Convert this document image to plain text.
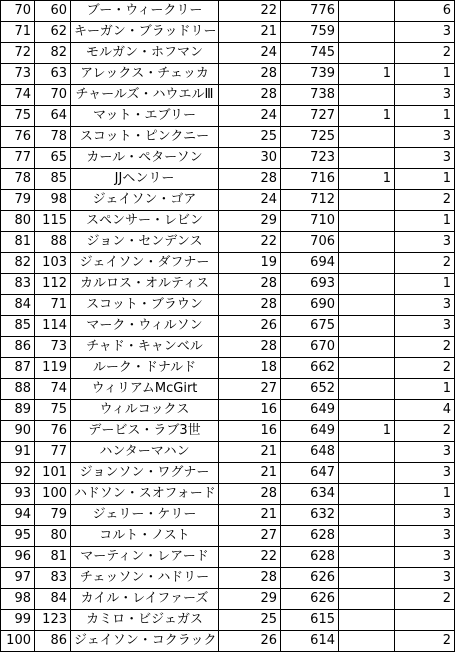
70	60	ブー・ウィークリー	22	776		6
71	62	キーガン・ブラッドリー	21	759		3
72	82	モルガン・ホフマン	24	745		2
73	63	アレックス・チェッカ	28	739	1	1
74	70	チャールズ・ハウエルⅢ	28	738		3
75	64	マット・エブリー	24	727	1	1
76	78	スコット・ピンクニー	25	725		3
77	65	カール・ペターソン	30	723		3
78	85	JJヘンリー	28	716	1	1
79	98	ジェイソン・ゴア	24	712		2
80	115	スペンサー・レビン	29	710		1
81	88	ジョン・センデンス	22	706		3
82	103	ジェイソン・ダフナー	19	694		2
83	112	カルロス・オルティス	28	693		1
84	71	スコット・ブラウン	28	690		3
85	114	マーク・ウィルソン	26	675		3
86	73	チャド・キャンベル	28	670		2
87	119	ルーク・ドナルド	18	662		2
88	74	ウィリアムMcGirt	27	652		1
89	75	ウィルコックス	16	649		4
90	76	デービス・ラブ3世	16	649	1	2
91	77	ハンターマハン	21	648		3
92	101	ジョンソン・ワグナー	21	647		3
93	100	ハドソン・スオフォード	28	634		1
94	79	ジェリー・ケリー	21	632		3
95	80	コルト・ノスト	27	628		3
96	81	マーティン・レアード	22	628		3
97	83	チェッソン・ハドリー	28	626		3
98	84	カイル・レイファーズ	29	626		2
99	123	カミロ・ビジェガス	25	615		
100	86	ジェイソン・コクラック	26	614		2
